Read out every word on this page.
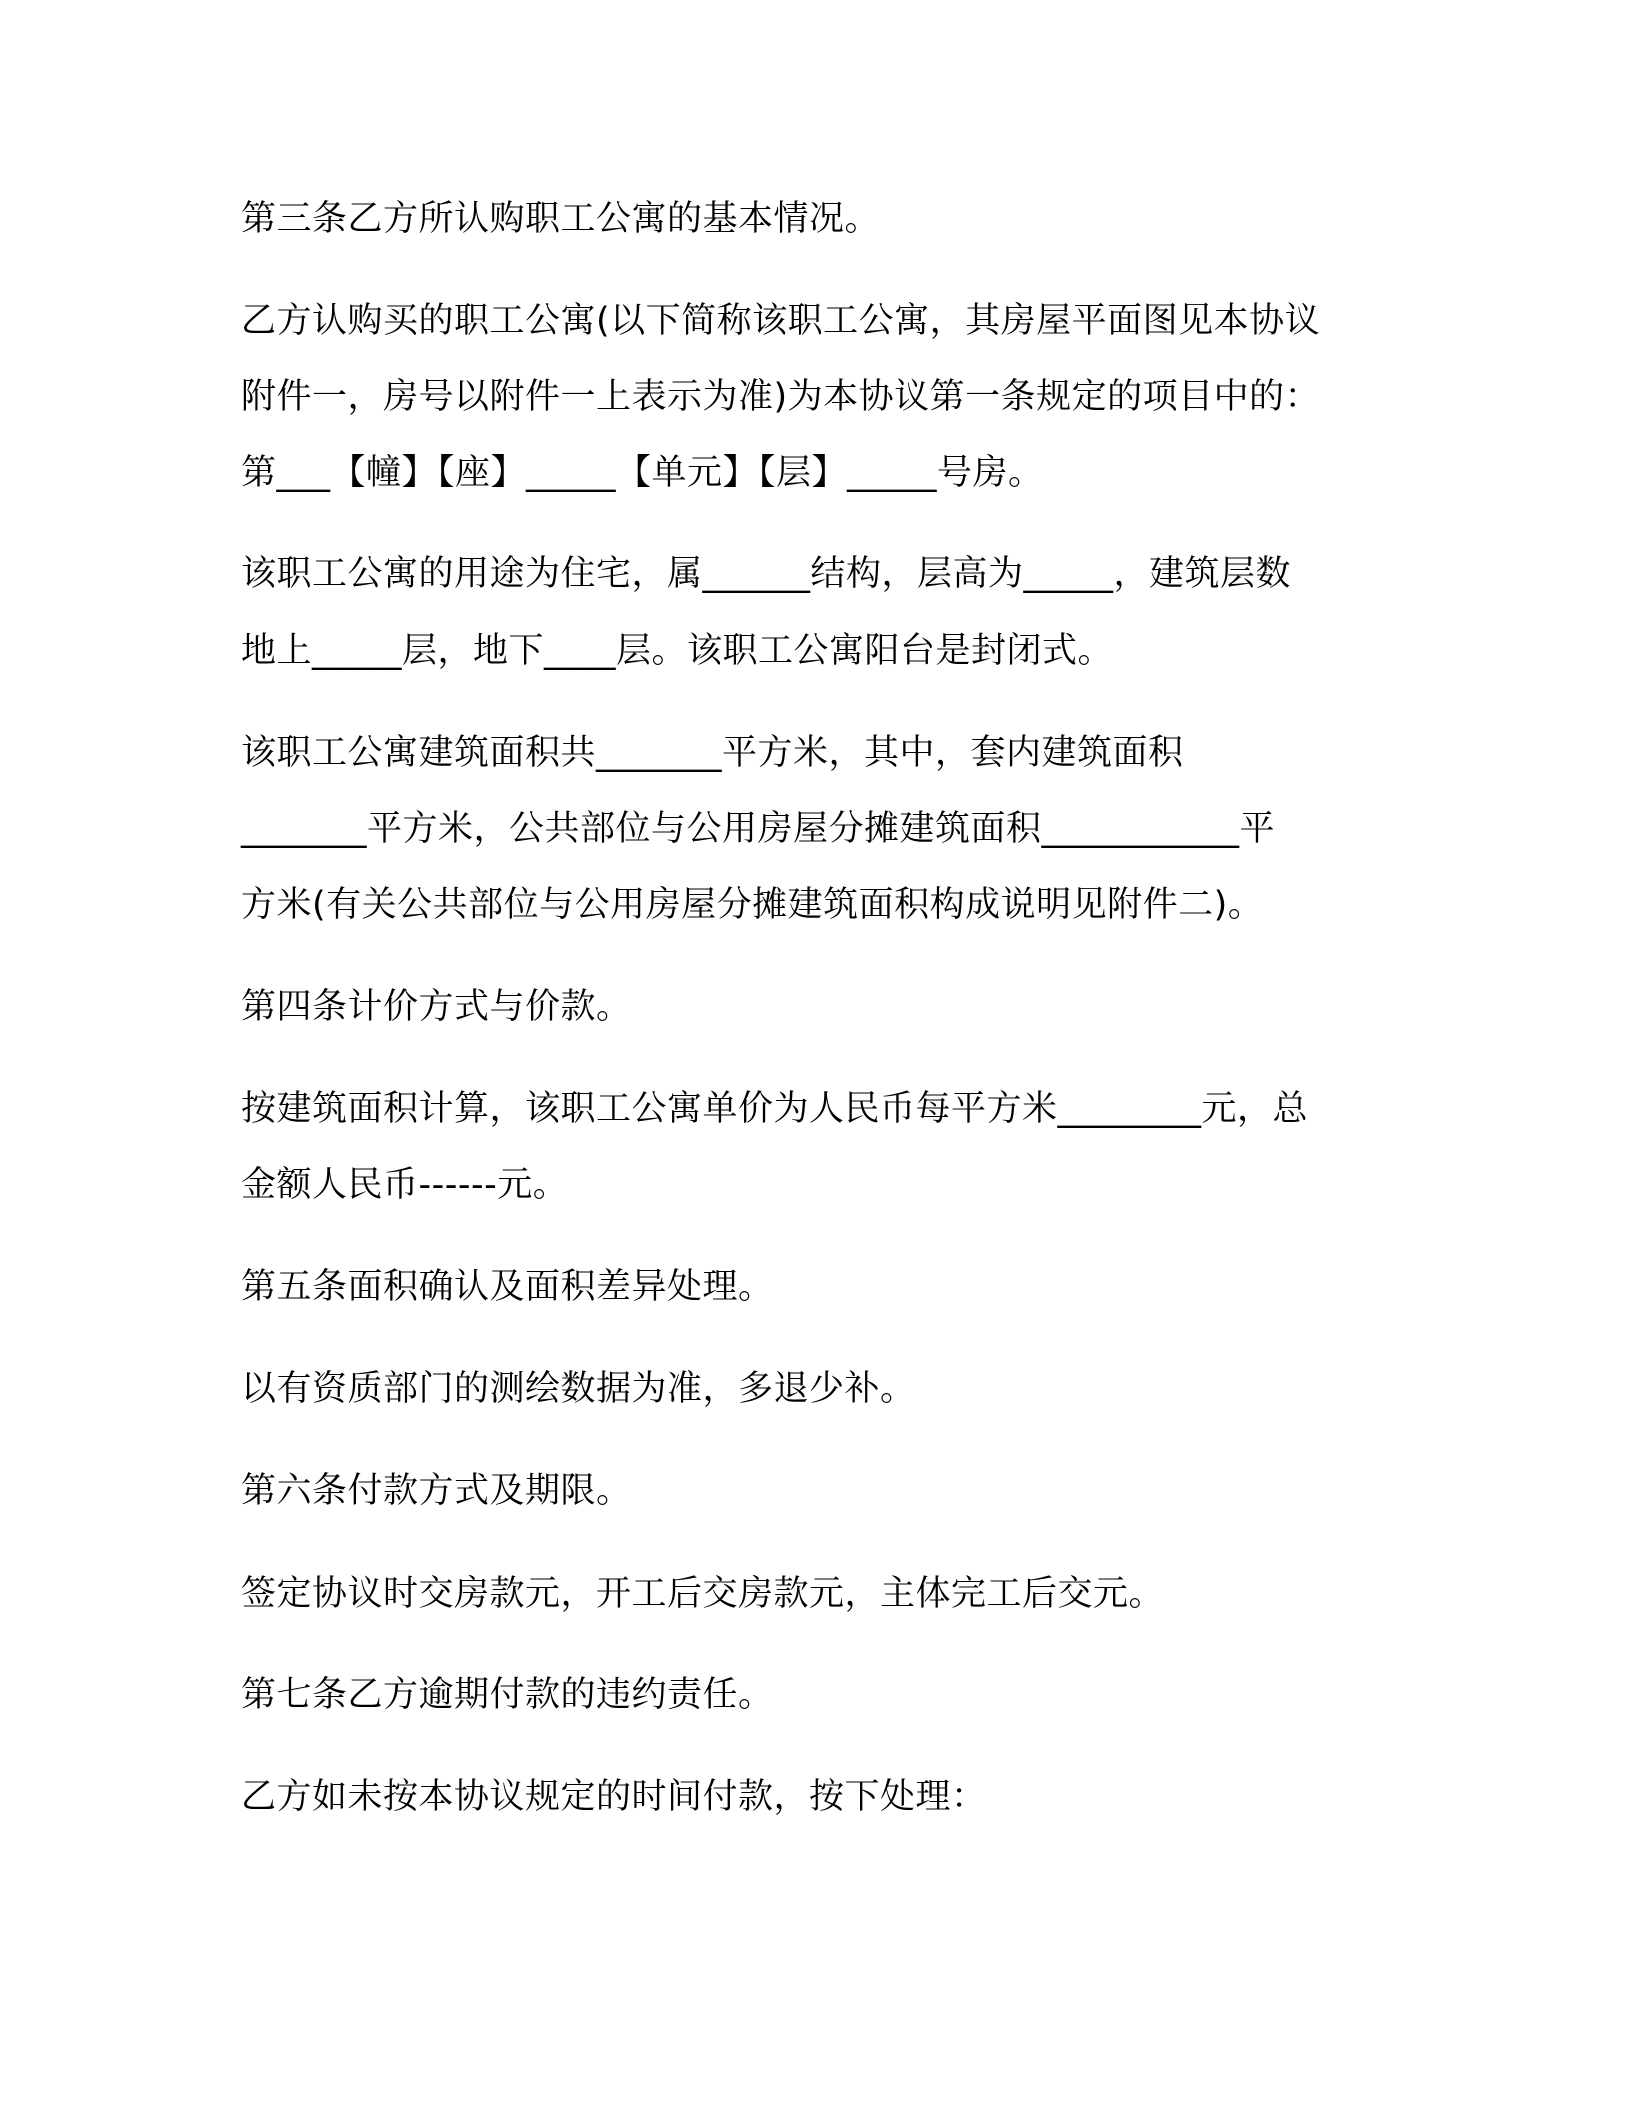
第三条乙方所认购职工公寓的基本情况。
乙方认购买的职工公寓(以下简称该职工公寓，其房屋平面图见本协议
附件一，房号以附件一上表示为准)为本协议第一条规定的项目中的：
第___【幢】【座】_____【单元】【层】_____号房。
该职工公寓的用途为住宅，属______结构，层高为_____，建筑层数
地上_____层，地下____层。该职工公寓阳台是封闭式。
该职工公寓建筑面积共_______平方米，其中，套内建筑面积
_______平方米，公共部位与公用房屋分摊建筑面积___________平
方米(有关公共部位与公用房屋分摊建筑面积构成说明见附件二)。
第四条计价方式与价款。
按建筑面积计算，该职工公寓单价为人民币每平方米________元，总
金额人民币------元。
第五条面积确认及面积差异处理。
以有资质部门的测绘数据为准，多退少补。
第六条付款方式及期限。
签定协议时交房款元，开工后交房款元，主体完工后交元。
第七条乙方逾期付款的违约责任。
乙方如未按本协议规定的时间付款，按下处理：
